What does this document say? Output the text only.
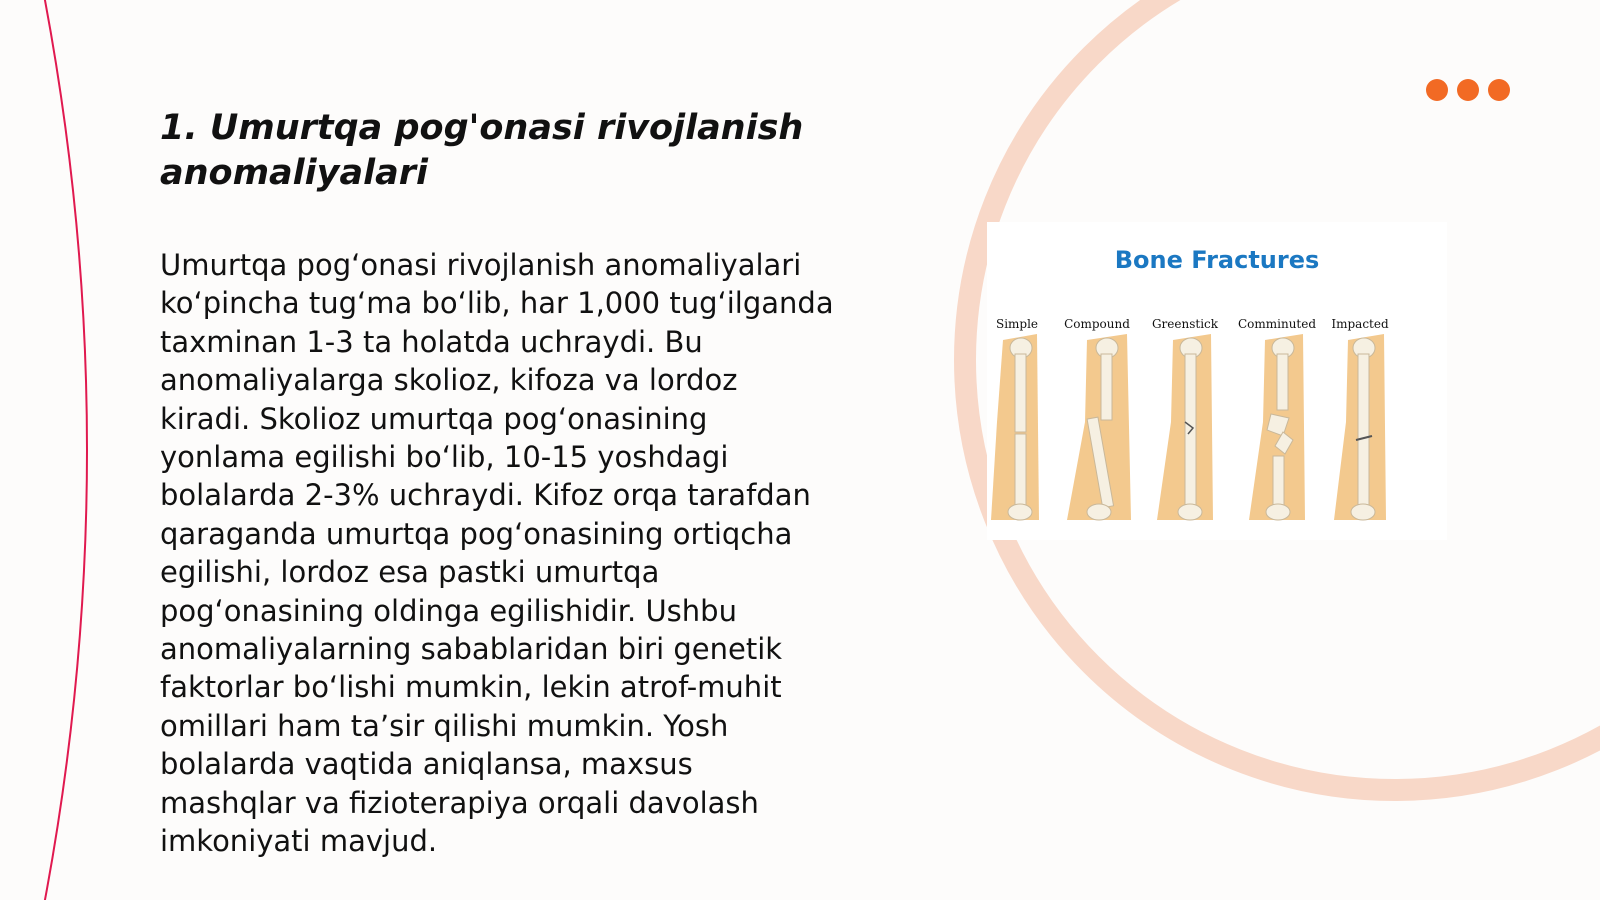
1. Umurtqa pog'onasi rivojlanish
anomaliyalari
Umurtqa pog‘onasi rivojlanish anomaliyalari
ko‘pincha tug‘ma bo‘lib, har 1,000 tug‘ilganda
taxminan 1-3 ta holatda uchraydi. Bu
anomaliyalarga skolioz, kifoza va lordoz
kiradi. Skolioz umurtqa pog‘onasining
yonlama egilishi bo‘lib, 10-15 yoshdagi
bolalarda 2-3% uchraydi. Kifoz orqa tarafdan
qaraganda umurtqa pog‘onasining ortiqcha
egilishi, lordoz esa pastki umurtqa
pog‘onasining oldinga egilishidir. Ushbu
anomaliyalarning sabablaridan biri genetik
faktorlar bo‘lishi mumkin, lekin atrof-muhit
omillari ham ta’sir qilishi mumkin. Yosh
bolalarda vaqtida aniqlansa, maxsus
mashqlar va fizioterapiya orqali davolash
imkoniyati mavjud.
Bone Fractures
Simple Compound Greenstick Comminuted Impacted
